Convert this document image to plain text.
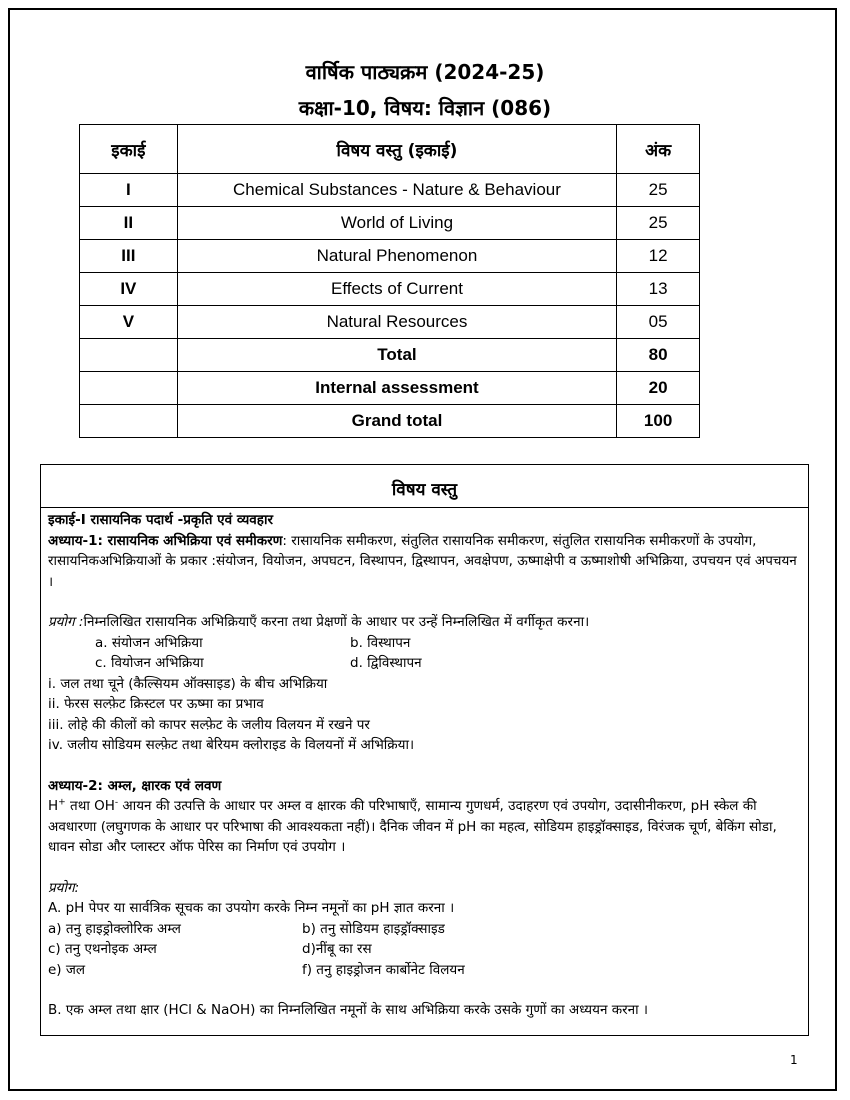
वार्षिक पाठ्यक्रम (2024-25)
कक्षा-10, विषय: विज्ञान (086)
इकाई	विषय वस्तु (इकाई)	अंक
I	Chemical Substances - Nature & Behaviour	25
II	World of Living	25
III	Natural Phenomenon	12
IV	Effects of Current	13
V	Natural Resources	05
	Total	80
	Internal assessment	20
	Grand total	100
विषय वस्तु

इकाई-I रासायनिक पदार्थ -प्रकृति एवं व्यवहार

अध्याय-1: रासायनिक अभिक्रिया एवं समीकरण: रासायनिक समीकरण, संतुलित रासायनिक समीकरण, संतुलित रासायनिक समीकरणों के उपयोग, रासायनिकअभिक्रियाओं के प्रकार :संयोजन, वियोजन, अपघटन, विस्थापन, द्विस्थापन, अवक्षेपण, ऊष्माक्षेपी व ऊष्माशोषी अभिक्रिया, उपचयन एवं अपचयन ।

प्रयोग :निम्नलिखित रासायनिक अभिक्रियाएँ करना तथा प्रेक्षणों के आधार पर उन्हें निम्नलिखित में वर्गीकृत करना।

a. संयोजन अभिक्रिया	b. विस्थापन
c. वियोजन अभिक्रिया	d. द्विविस्थापन

i. जल तथा चूने (कैल्सियम ऑक्साइड) के बीच अभिक्रिया

ii. फेरस सल्फ़ेट क्रिस्टल पर ऊष्मा का प्रभाव

iii. लोहे की कीलों को कापर सल्फ़ेट के जलीय विलयन में रखने पर

iv. जलीय सोडियम सल्फ़ेट तथा बेरियम क्लोराइड के विलयनों में अभिक्रिया।

अध्याय-2: अम्ल, क्षारक एवं लवण

H+ तथा OH- आयन की उत्पत्ति के आधार पर अम्ल व क्षारक की परिभाषाएँ, सामान्य गुणधर्म, उदाहरण एवं उपयोग, उदासीनीकरण, pH स्केल की अवधारणा (लघुगणक के आधार पर परिभाषा की आवश्यकता नहीं)। दैनिक जीवन में pH का महत्व, सोडियम हाइड्रॉक्साइड, विरंजक चूर्ण, बेकिंग सोडा, धावन सोडा और प्लास्टर ऑफ पेरिस का निर्माण एवं उपयोग ।

प्रयोग:

A. pH पेपर या सार्वत्रिक सूचक का उपयोग करके निम्न नमूनों का pH ज्ञात करना ।

a) तनु हाइड्रोक्लोरिक अम्ल	b) तनु सोडियम हाइड्रॉक्साइड
c) तनु एथनोइक अम्ल	d)नींबू का रस
e) जल	f) तनु हाइड्रोजन कार्बोनेट विलयन

B. एक अम्ल तथा क्षार (HCl & NaOH) का निम्नलिखित नमूनों के साथ अभिक्रिया करके उसके गुणों का अध्ययन करना ।

1
